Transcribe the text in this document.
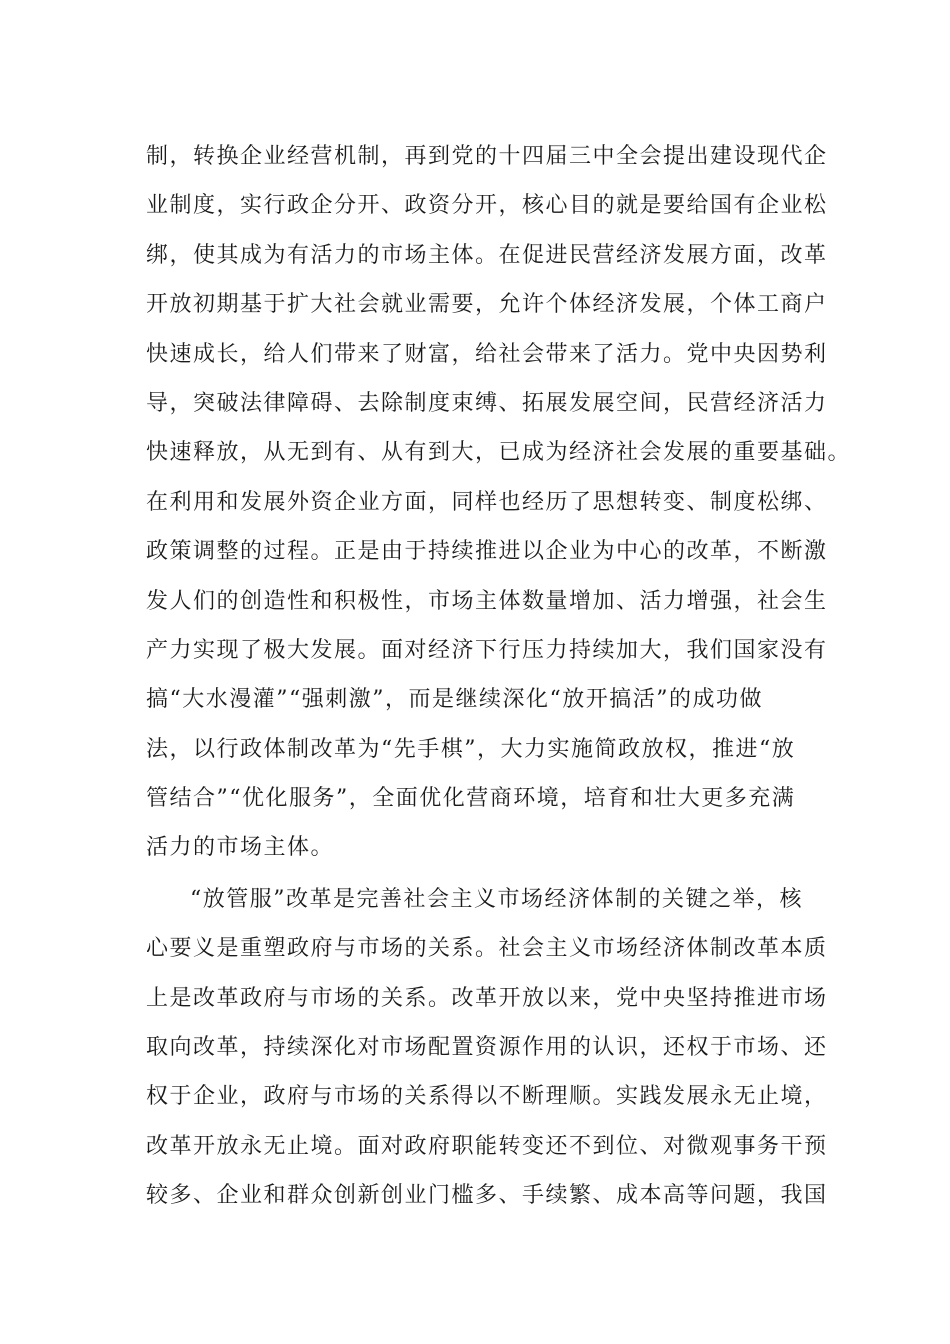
制，转换企业经营机制，再到党的十四届三中全会提出建设现代企
业制度，实行政企分开、政资分开，核心目的就是要给国有企业松
绑，使其成为有活力的市场主体。在促进民营经济发展方面，改革
开放初期基于扩大社会就业需要，允许个体经济发展，个体工商户
快速成长，给人们带来了财富，给社会带来了活力。党中央因势利
导，突破法律障碍、去除制度束缚、拓展发展空间，民营经济活力
快速释放，从无到有、从有到大，已成为经济社会发展的重要基础。
在利用和发展外资企业方面，同样也经历了思想转变、制度松绑、
政策调整的过程。正是由于持续推进以企业为中心的改革，不断激
发人们的创造性和积极性，市场主体数量增加、活力增强，社会生
产力实现了极大发展。面对经济下行压力持续加大，我们国家没有
搞“大水漫灌”“强刺激”，而是继续深化“放开搞活”的成功做
法，以行政体制改革为“先手棋”，大力实施简政放权，推进“放
管结合”“优化服务”，全面优化营商环境，培育和壮大更多充满
活力的市场主体。
“放管服”改革是完善社会主义市场经济体制的关键之举，核
心要义是重塑政府与市场的关系。社会主义市场经济体制改革本质
上是改革政府与市场的关系。改革开放以来，党中央坚持推进市场
取向改革，持续深化对市场配置资源作用的认识，还权于市场、还
权于企业，政府与市场的关系得以不断理顺。实践发展永无止境，
改革开放永无止境。面对政府职能转变还不到位、对微观事务干预
较多、企业和群众创新创业门槛多、手续繁、成本高等问题，我国
